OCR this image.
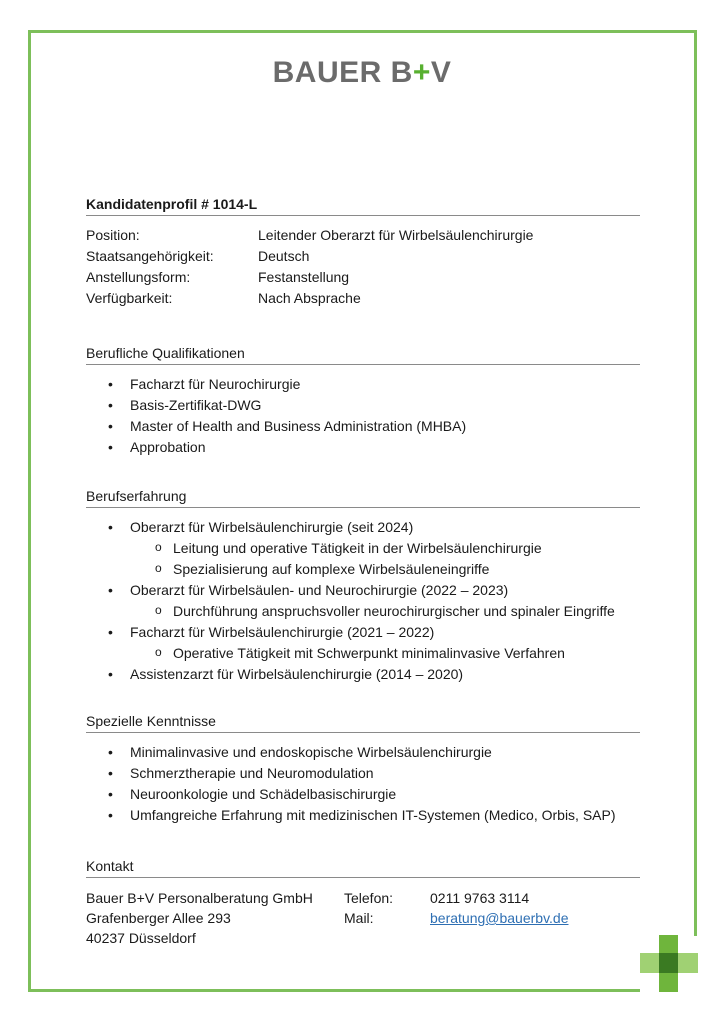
BAUER B+V
Kandidatenprofil # 1014-L
Position:	Leitender Oberarzt für Wirbelsäulenchirurgie
Staatsangehörigkeit:	Deutsch
Anstellungsform:	Festanstellung
Verfügbarkeit:	Nach Absprache
Berufliche Qualifikationen
• Facharzt für Neurochirurgie
• Basis-Zertifikat-DWG
• Master of Health and Business Administration (MHBA)
• Approbation
Berufserfahrung
• Oberarzt für Wirbelsäulenchirurgie (seit 2024)
o Leitung und operative Tätigkeit in der Wirbelsäulenchirurgie
o Spezialisierung auf komplexe Wirbelsäuleneingriffe
• Oberarzt für Wirbelsäulen- und Neurochirurgie (2022 – 2023)
o Durchführung anspruchsvoller neurochirurgischer und spinaler Eingriffe
• Facharzt für Wirbelsäulenchirurgie (2021 – 2022)
o Operative Tätigkeit mit Schwerpunkt minimalinvasive Verfahren
• Assistenzarzt für Wirbelsäulenchirurgie (2014 – 2020)
Spezielle Kenntnisse
• Minimalinvasive und endoskopische Wirbelsäulenchirurgie
• Schmerztherapie und Neuromodulation
• Neuroonkologie und Schädelbasischirurgie
• Umfangreiche Erfahrung mit medizinischen IT-Systemen (Medico, Orbis, SAP)
Kontakt
Bauer B+V Personalberatung GmbH Telefon:	0211 9763 3114
Grafenberger Allee 293	Mail:	beratung@bauerbv.de
40237 Düsseldorf
